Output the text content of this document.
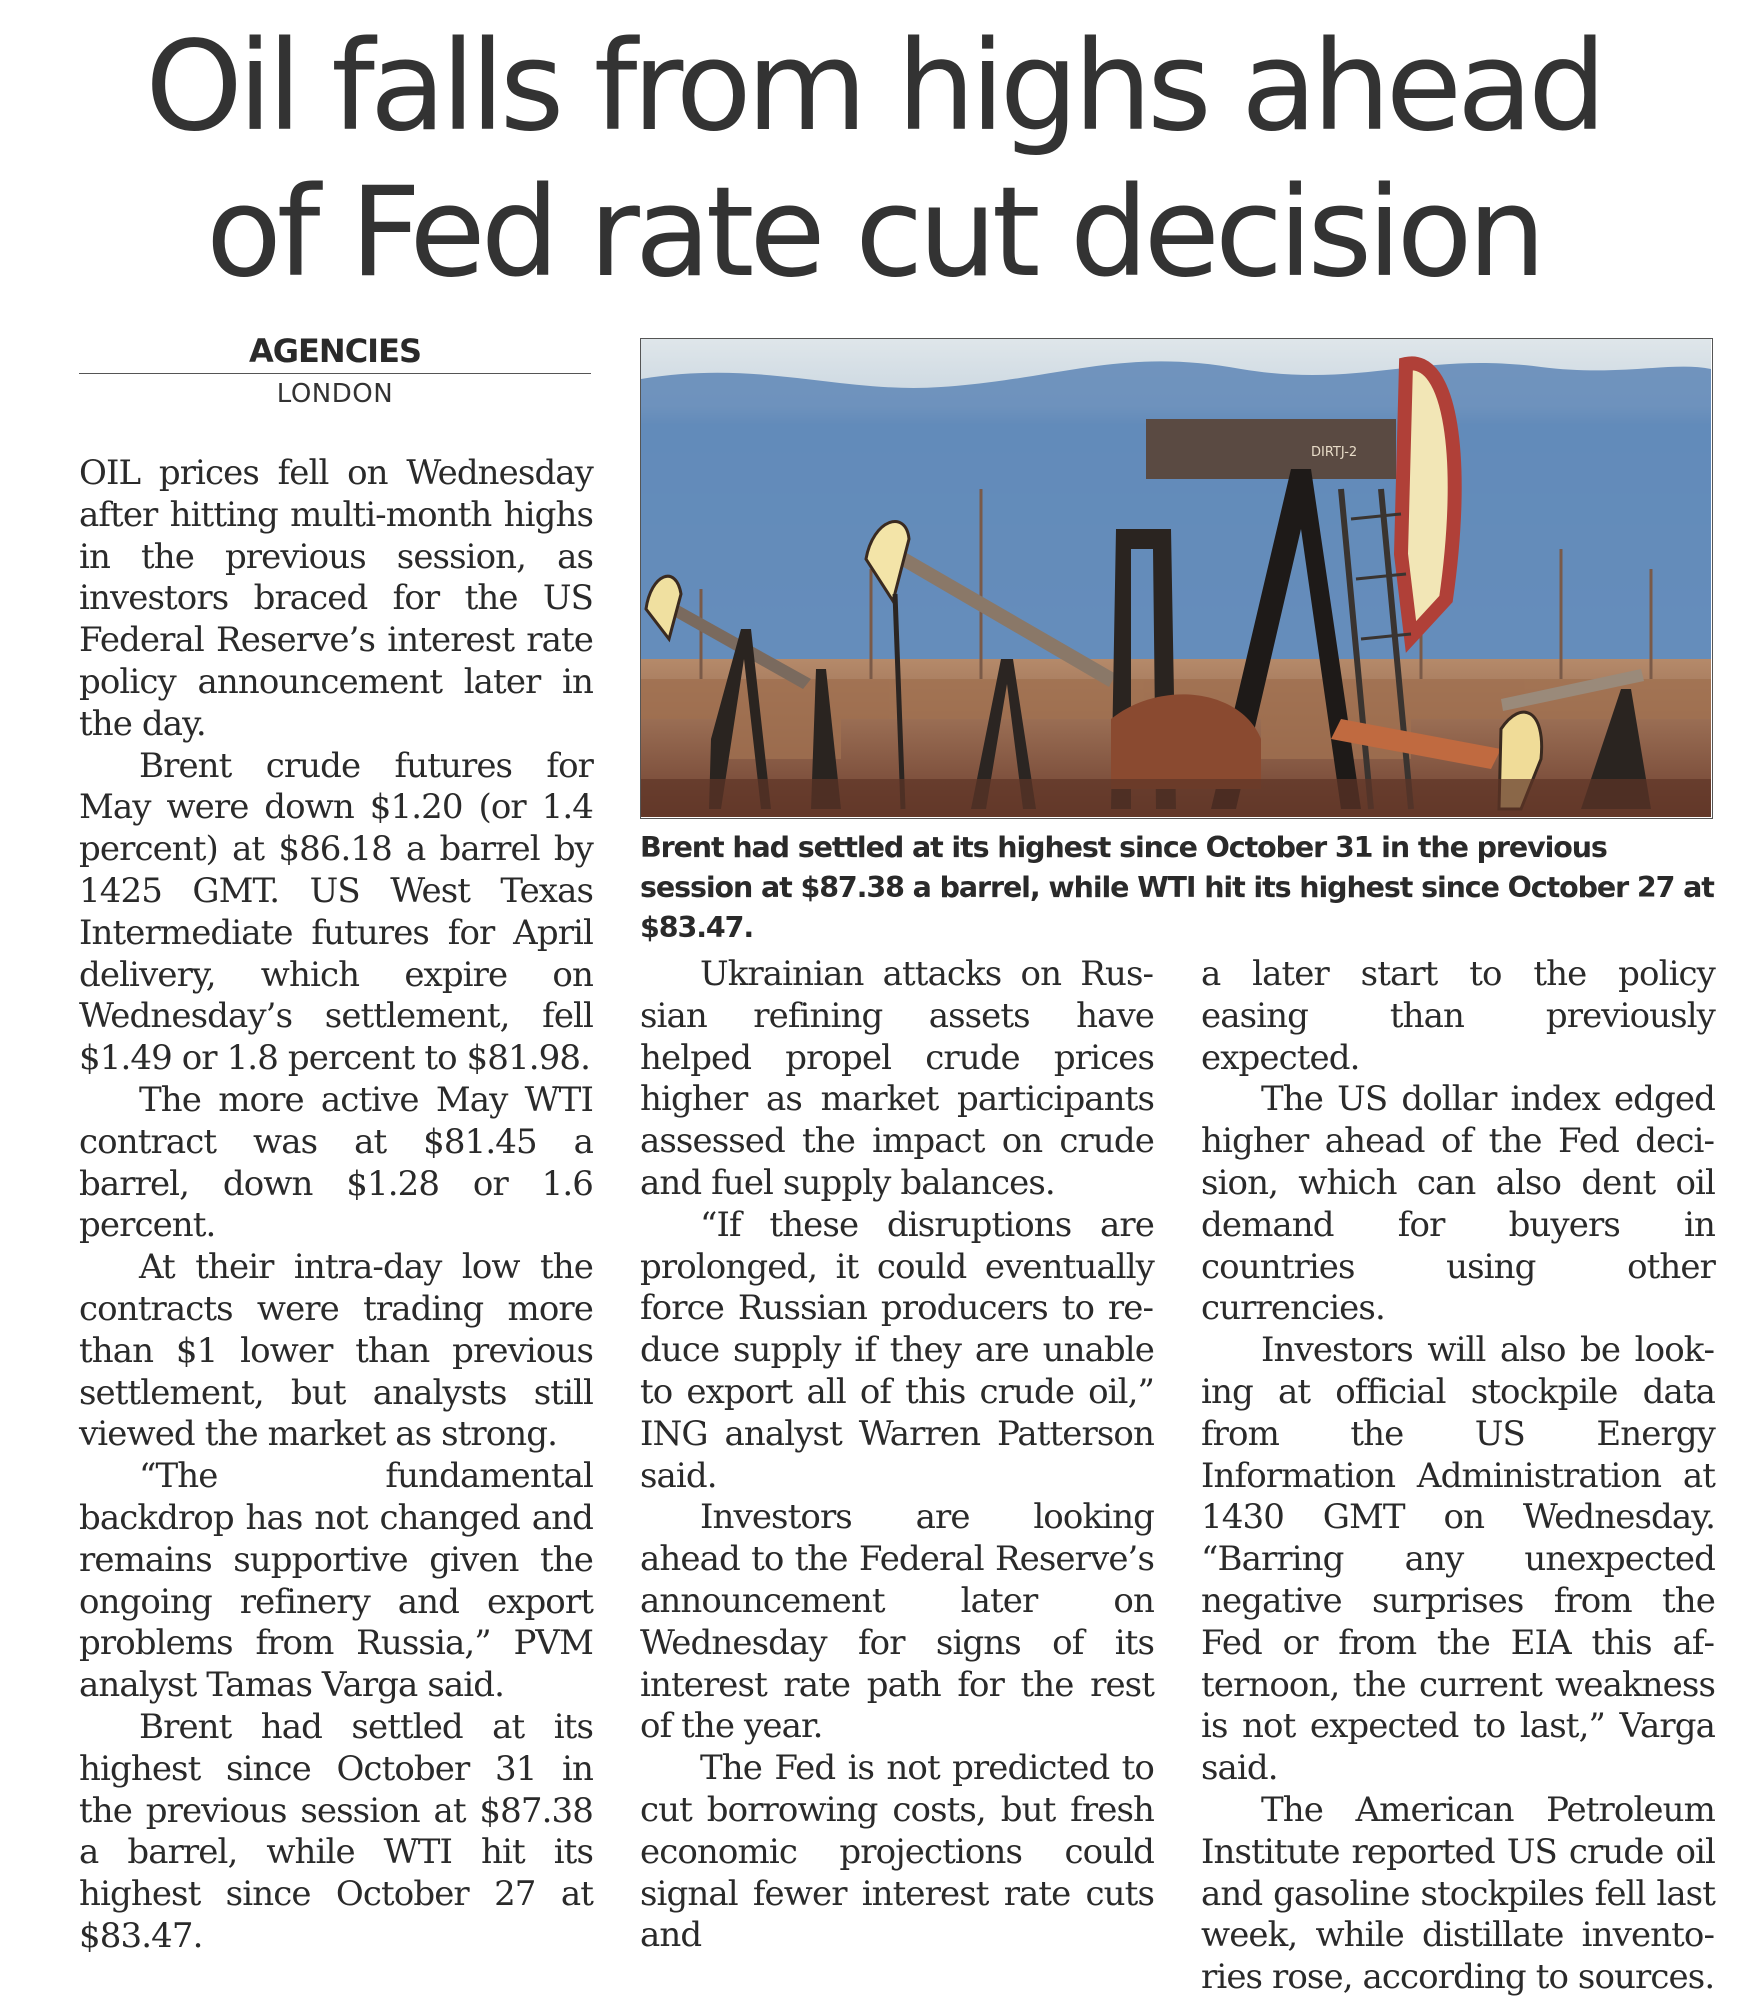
Oil falls from highs ahead
of Fed rate cut decision
AGENCIES
LONDON

OIL prices fell on Wednesday after hitting multi-month highs in the previous session, as investors braced for the US Federal Reserve’s interest rate policy announcement later in the day.

Brent crude futures for May were down $1.20 (or 1.4 percent) at $86.18 a barrel by 1425 GMT. US West Texas Intermediate futures for April delivery, which expire on Wednesday’s settlement, fell $1.49 or 1.8 percent to $81.98.

The more active May WTI contract was at $81.45 a barrel, down $1.28 or 1.6 percent.

At their intra-day low the contracts were trading more than $1 lower than previous settlement, but analysts still viewed the market as strong.

“The fundamental backdrop has not changed and remains supportive given the ongoing refinery and export problems from Russia,” PVM analyst Tamas Varga said.

Brent had settled at its highest since October 31 in the previous session at $87.38 a barrel, while WTI hit its highest since October 27 at $83.47.

DIRTJ-2
Brent had settled at its highest since October 31 in the previous session at $87.38 a barrel, while WTI hit its highest since October 27 at $83.47.

Ukrainian attacks on Russian refining assets have helped propel crude prices higher as market participants assessed the impact on crude and fuel supply balances.

“If these disruptions are prolonged, it could eventually force Russian producers to reduce supply if they are unable to export all of this crude oil,” ING analyst Warren Patterson said.

Investors are looking ahead to the Federal Reserve’s announcement later on Wednesday for signs of its interest rate path for the rest of the year.

The Fed is not predicted to cut borrowing costs, but fresh economic projections could signal fewer interest rate cuts and

a later start to the policy easing than previously expected.

The US dollar index edged higher ahead of the Fed decision, which can also dent oil demand for buyers in countries using other currencies.

Investors will also be looking at official stockpile data from the US Energy Information Administration at 1430 GMT on Wednesday. “Barring any unexpected negative surprises from the Fed or from the EIA this afternoon, the current weakness is not expected to last,” Varga said.

The American Petroleum Institute reported US crude oil and gasoline stockpiles fell last week, while distillate inventories rose, according to sources.
